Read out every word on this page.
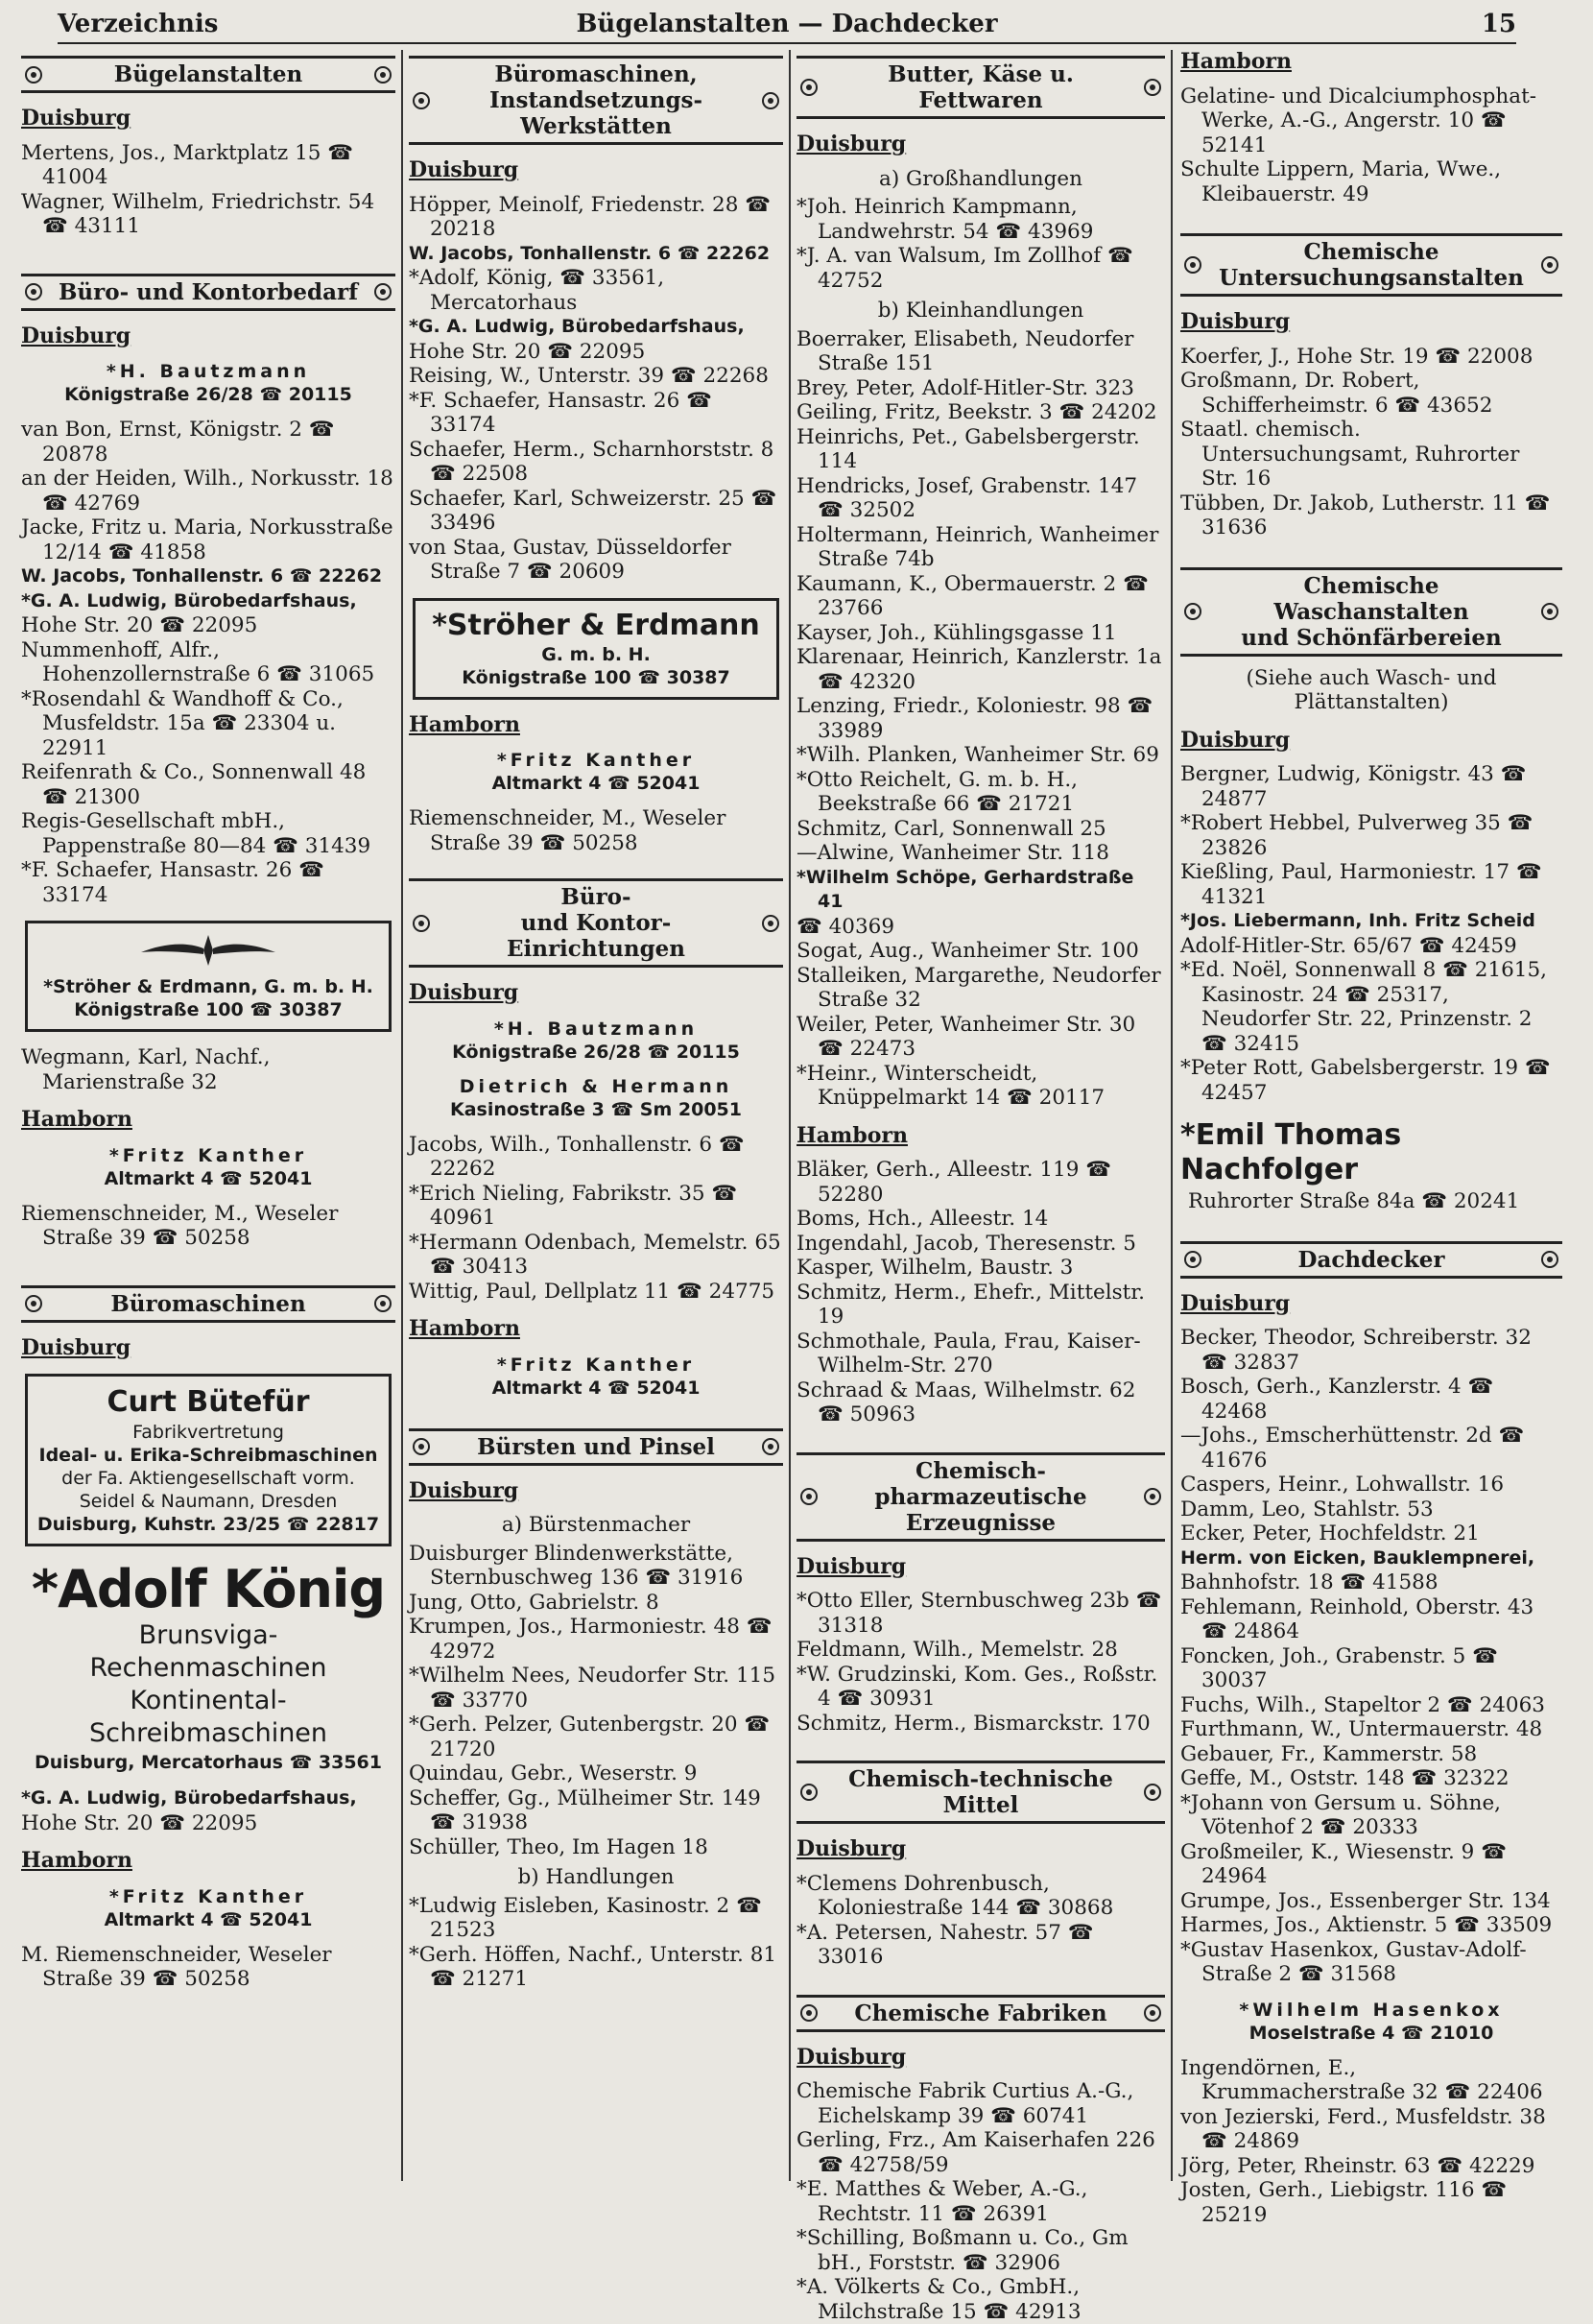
Verzeichnis	Bügelanstalten — Dachdecker	15
Bügelanstalten
Duisburg

Mertens, Jos., Marktplatz 15 ☎ 41004

Wagner, Wilhelm, Friedrichstr. 54 ☎ 43111

Büro- und Kontorbedarf
Duisburg
*H. Bautzmann
Königstraße 26/28 ☎ 20115

van Bon, Ernst, Königstr. 2 ☎ 20878

an der Heiden, Wilh., Norkusstr. 18 ☎ 42769

Jacke, Fritz u. Maria, Norkusstraße 12/14 ☎ 41858

W. Jacobs, Tonhallenstr. 6 ☎ 22262

*G. A. Ludwig, Bürobedarfshaus,

Hohe Str. 20 ☎ 22095

Nummenhoff, Alfr., Hohenzollernstraße 6 ☎ 31065

*Rosendahl & Wandhoff & Co., Musfeldstr. 15a ☎ 23304 u. 22911

Reifenrath & Co., Sonnenwall 48 ☎ 21300

Regis-Gesellschaft mbH., Pappenstraße 80—84 ☎ 31439

*F. Schaefer, Hansastr. 26 ☎ 33174

*Ströher & Erdmann, G. m. b. H.
Königstraße 100 ☎ 30387

Wegmann, Karl, Nachf., Marienstraße 32

Hamborn
*Fritz Kanther
Altmarkt 4 ☎ 52041

Riemenschneider, M., Weseler Straße 39 ☎ 50258

Büromaschinen
Duisburg
Curt Bütefür
Fabrikvertretung
Ideal- u. Erika-Schreibmaschinen
der Fa. Aktiengesellschaft vorm.
Seidel & Naumann, Dresden
Duisburg, Kuhstr. 23/25 ☎ 22817
*Adolf König
Brunsviga-Rechenmaschinen
Kontinental-Schreibmaschinen
Duisburg, Mercatorhaus ☎ 33561

*G. A. Ludwig, Bürobedarfshaus,

Hohe Str. 20 ☎ 22095

Hamborn
*Fritz Kanther
Altmarkt 4 ☎ 52041

M. Riemenschneider, Weseler Straße 39 ☎ 50258

Büromaschinen,
Instandsetzungs-Werkstätten
Duisburg

Höpper, Meinolf, Friedenstr. 28 ☎ 20218

W. Jacobs, Tonhallenstr. 6 ☎ 22262

*Adolf, König, ☎ 33561, Mercatorhaus

*G. A. Ludwig, Bürobedarfshaus,

Hohe Str. 20 ☎ 22095

Reising, W., Unterstr. 39 ☎ 22268

*F. Schaefer, Hansastr. 26 ☎ 33174

Schaefer, Herm., Scharnhorststr. 8 ☎ 22508

Schaefer, Karl, Schweizerstr. 25 ☎ 33496

von Staa, Gustav, Düsseldorfer Straße 7 ☎ 20609

*Ströher & Erdmann
G. m. b. H.
Königstraße 100 ☎ 30387
Hamborn
*Fritz Kanther
Altmarkt 4 ☎ 52041

Riemenschneider, M., Weseler Straße 39 ☎ 50258

Büro-
und Kontor-Einrichtungen
Duisburg
*H. Bautzmann
Königstraße 26/28 ☎ 20115
Dietrich & Hermann
Kasinostraße 3 ☎ Sm 20051

Jacobs, Wilh., Tonhallenstr. 6 ☎ 22262

*Erich Nieling, Fabrikstr. 35 ☎ 40961

*Hermann Odenbach, Memelstr. 65 ☎ 30413

Wittig, Paul, Dellplatz 11 ☎ 24775

Hamborn
*Fritz Kanther
Altmarkt 4 ☎ 52041
Bürsten und Pinsel
Duisburg
a) Bürstenmacher

Duisburger Blindenwerkstätte, Sternbuschweg 136 ☎ 31916

Jung, Otto, Gabrielstr. 8

Krumpen, Jos., Harmoniestr. 48 ☎ 42972

*Wilhelm Nees, Neudorfer Str. 115 ☎ 33770

*Gerh. Pelzer, Gutenbergstr. 20 ☎ 21720

Quindau, Gebr., Weserstr. 9

Scheffer, Gg., Mülheimer Str. 149 ☎ 31938

Schüller, Theo, Im Hagen 18

b) Handlungen

*Ludwig Eisleben, Kasinostr. 2 ☎ 21523

*Gerh. Höffen, Nachf., Unterstr. 81 ☎ 21271

Butter, Käse u. Fettwaren
Duisburg
a) Großhandlungen

*Joh. Heinrich Kampmann, Landwehrstr. 54 ☎ 43969

*J. A. van Walsum, Im Zollhof ☎ 42752

b) Kleinhandlungen

Boerraker, Elisabeth, Neudorfer Straße 151

Brey, Peter, Adolf-Hitler-Str. 323

Geiling, Fritz, Beekstr. 3 ☎ 24202

Heinrichs, Pet., Gabelsbergerstr. 114

Hendricks, Josef, Grabenstr. 147 ☎ 32502

Holtermann, Heinrich, Wanheimer Straße 74b

Kaumann, K., Obermauerstr. 2 ☎ 23766

Kayser, Joh., Kühlingsgasse 11

Klarenaar, Heinrich, Kanzlerstr. 1a ☎ 42320

Lenzing, Friedr., Koloniestr. 98 ☎ 33989

*Wilh. Planken, Wanheimer Str. 69

*Otto Reichelt, G. m. b. H., Beekstraße 66 ☎ 21721

Schmitz, Carl, Sonnenwall 25

—Alwine, Wanheimer Str. 118

*Wilhelm Schöpe, Gerhardstraße 41

☎ 40369

Sogat, Aug., Wanheimer Str. 100

Stalleiken, Margarethe, Neudorfer Straße 32

Weiler, Peter, Wanheimer Str. 30 ☎ 22473

*Heinr., Winterscheidt, Knüppelmarkt 14 ☎ 20117

Hamborn

Bläker, Gerh., Alleestr. 119 ☎ 52280

Boms, Hch., Alleestr. 14

Ingendahl, Jacob, Theresenstr. 5

Kasper, Wilhelm, Baustr. 3

Schmitz, Herm., Ehefr., Mittelstr. 19

Schmothale, Paula, Frau, Kaiser-Wilhelm-Str. 270

Schraad & Maas, Wilhelmstr. 62 ☎ 50963

Chemisch-pharmazeutische
Erzeugnisse
Duisburg

*Otto Eller, Sternbuschweg 23b ☎ 31318

Feldmann, Wilh., Memelstr. 28

*W. Grudzinski, Kom. Ges., Roßstr. 4 ☎ 30931

Schmitz, Herm., Bismarckstr. 170

Chemisch-technische Mittel
Duisburg

*Clemens Dohrenbusch, Koloniestraße 144 ☎ 30868

*A. Petersen, Nahestr. 57 ☎ 33016

Chemische Fabriken
Duisburg

Chemische Fabrik Curtius A.-G., Eichelskamp 39 ☎ 60741

Gerling, Frz., Am Kaiserhafen 226 ☎ 42758/59

*E. Matthes & Weber, A.-G., Rechtstr. 11 ☎ 26391

*Schilling, Boßmann u. Co., Gm bH., Forststr. ☎ 32906

*A. Völkerts & Co., GmbH., Milchstraße 15 ☎ 42913

Hamborn

Gelatine- und Dicalciumphosphat-Werke, A.-G., Angerstr. 10 ☎ 52141

Schulte Lippern, Maria, Wwe., Kleibauerstr. 49

Chemische
Untersuchungsanstalten
Duisburg

Koerfer, J., Hohe Str. 19 ☎ 22008

Großmann, Dr. Robert, Schifferheimstr. 6 ☎ 43652

Staatl. chemisch. Untersuchungsamt, Ruhrorter Str. 16

Tübben, Dr. Jakob, Lutherstr. 11 ☎ 31636

Chemische Waschanstalten
und Schönfärbereien
(Siehe auch Wasch- und Plättanstalten)
Duisburg

Bergner, Ludwig, Königstr. 43 ☎ 24877

*Robert Hebbel, Pulverweg 35 ☎ 23826

Kießling, Paul, Harmoniestr. 17 ☎ 41321

*Jos. Liebermann, Inh. Fritz Scheid

Adolf-Hitler-Str. 65/67 ☎ 42459

*Ed. Noël, Sonnenwall 8 ☎ 21615, Kasinostr. 24 ☎ 25317, Neudorfer Str. 22, Prinzenstr. 2 ☎ 32415

*Peter Rott, Gabelsbergerstr. 19 ☎ 42457

*Emil Thomas Nachfolger

Ruhrorter Straße 84a ☎ 20241

Dachdecker
Duisburg

Becker, Theodor, Schreiberstr. 32 ☎ 32837

Bosch, Gerh., Kanzlerstr. 4 ☎ 42468

—Johs., Emscherhüttenstr. 2d ☎ 41676

Caspers, Heinr., Lohwallstr. 16

Damm, Leo, Stahlstr. 53

Ecker, Peter, Hochfeldstr. 21

Herm. von Eicken, Bauklempnerei,

Bahnhofstr. 18 ☎ 41588

Fehlemann, Reinhold, Oberstr. 43 ☎ 24864

Foncken, Joh., Grabenstr. 5 ☎ 30037

Fuchs, Wilh., Stapeltor 2 ☎ 24063

Furthmann, W., Untermauerstr. 48

Gebauer, Fr., Kammerstr. 58

Geffe, M., Oststr. 148 ☎ 32322

*Johann von Gersum u. Söhne, Vötenhof 2 ☎ 20333

Großmeiler, K., Wiesenstr. 9 ☎ 24964

Grumpe, Jos., Essenberger Str. 134

Harmes, Jos., Aktienstr. 5 ☎ 33509

*Gustav Hasenkox, Gustav-Adolf-Straße 2 ☎ 31568

*Wilhelm Hasenkox
Moselstraße 4 ☎ 21010

Ingendörnen, E., Krummacherstraße 32 ☎ 22406

von Jezierski, Ferd., Musfeldstr. 38 ☎ 24869

Jörg, Peter, Rheinstr. 63 ☎ 42229

Josten, Gerh., Liebigstr. 116 ☎ 25219
